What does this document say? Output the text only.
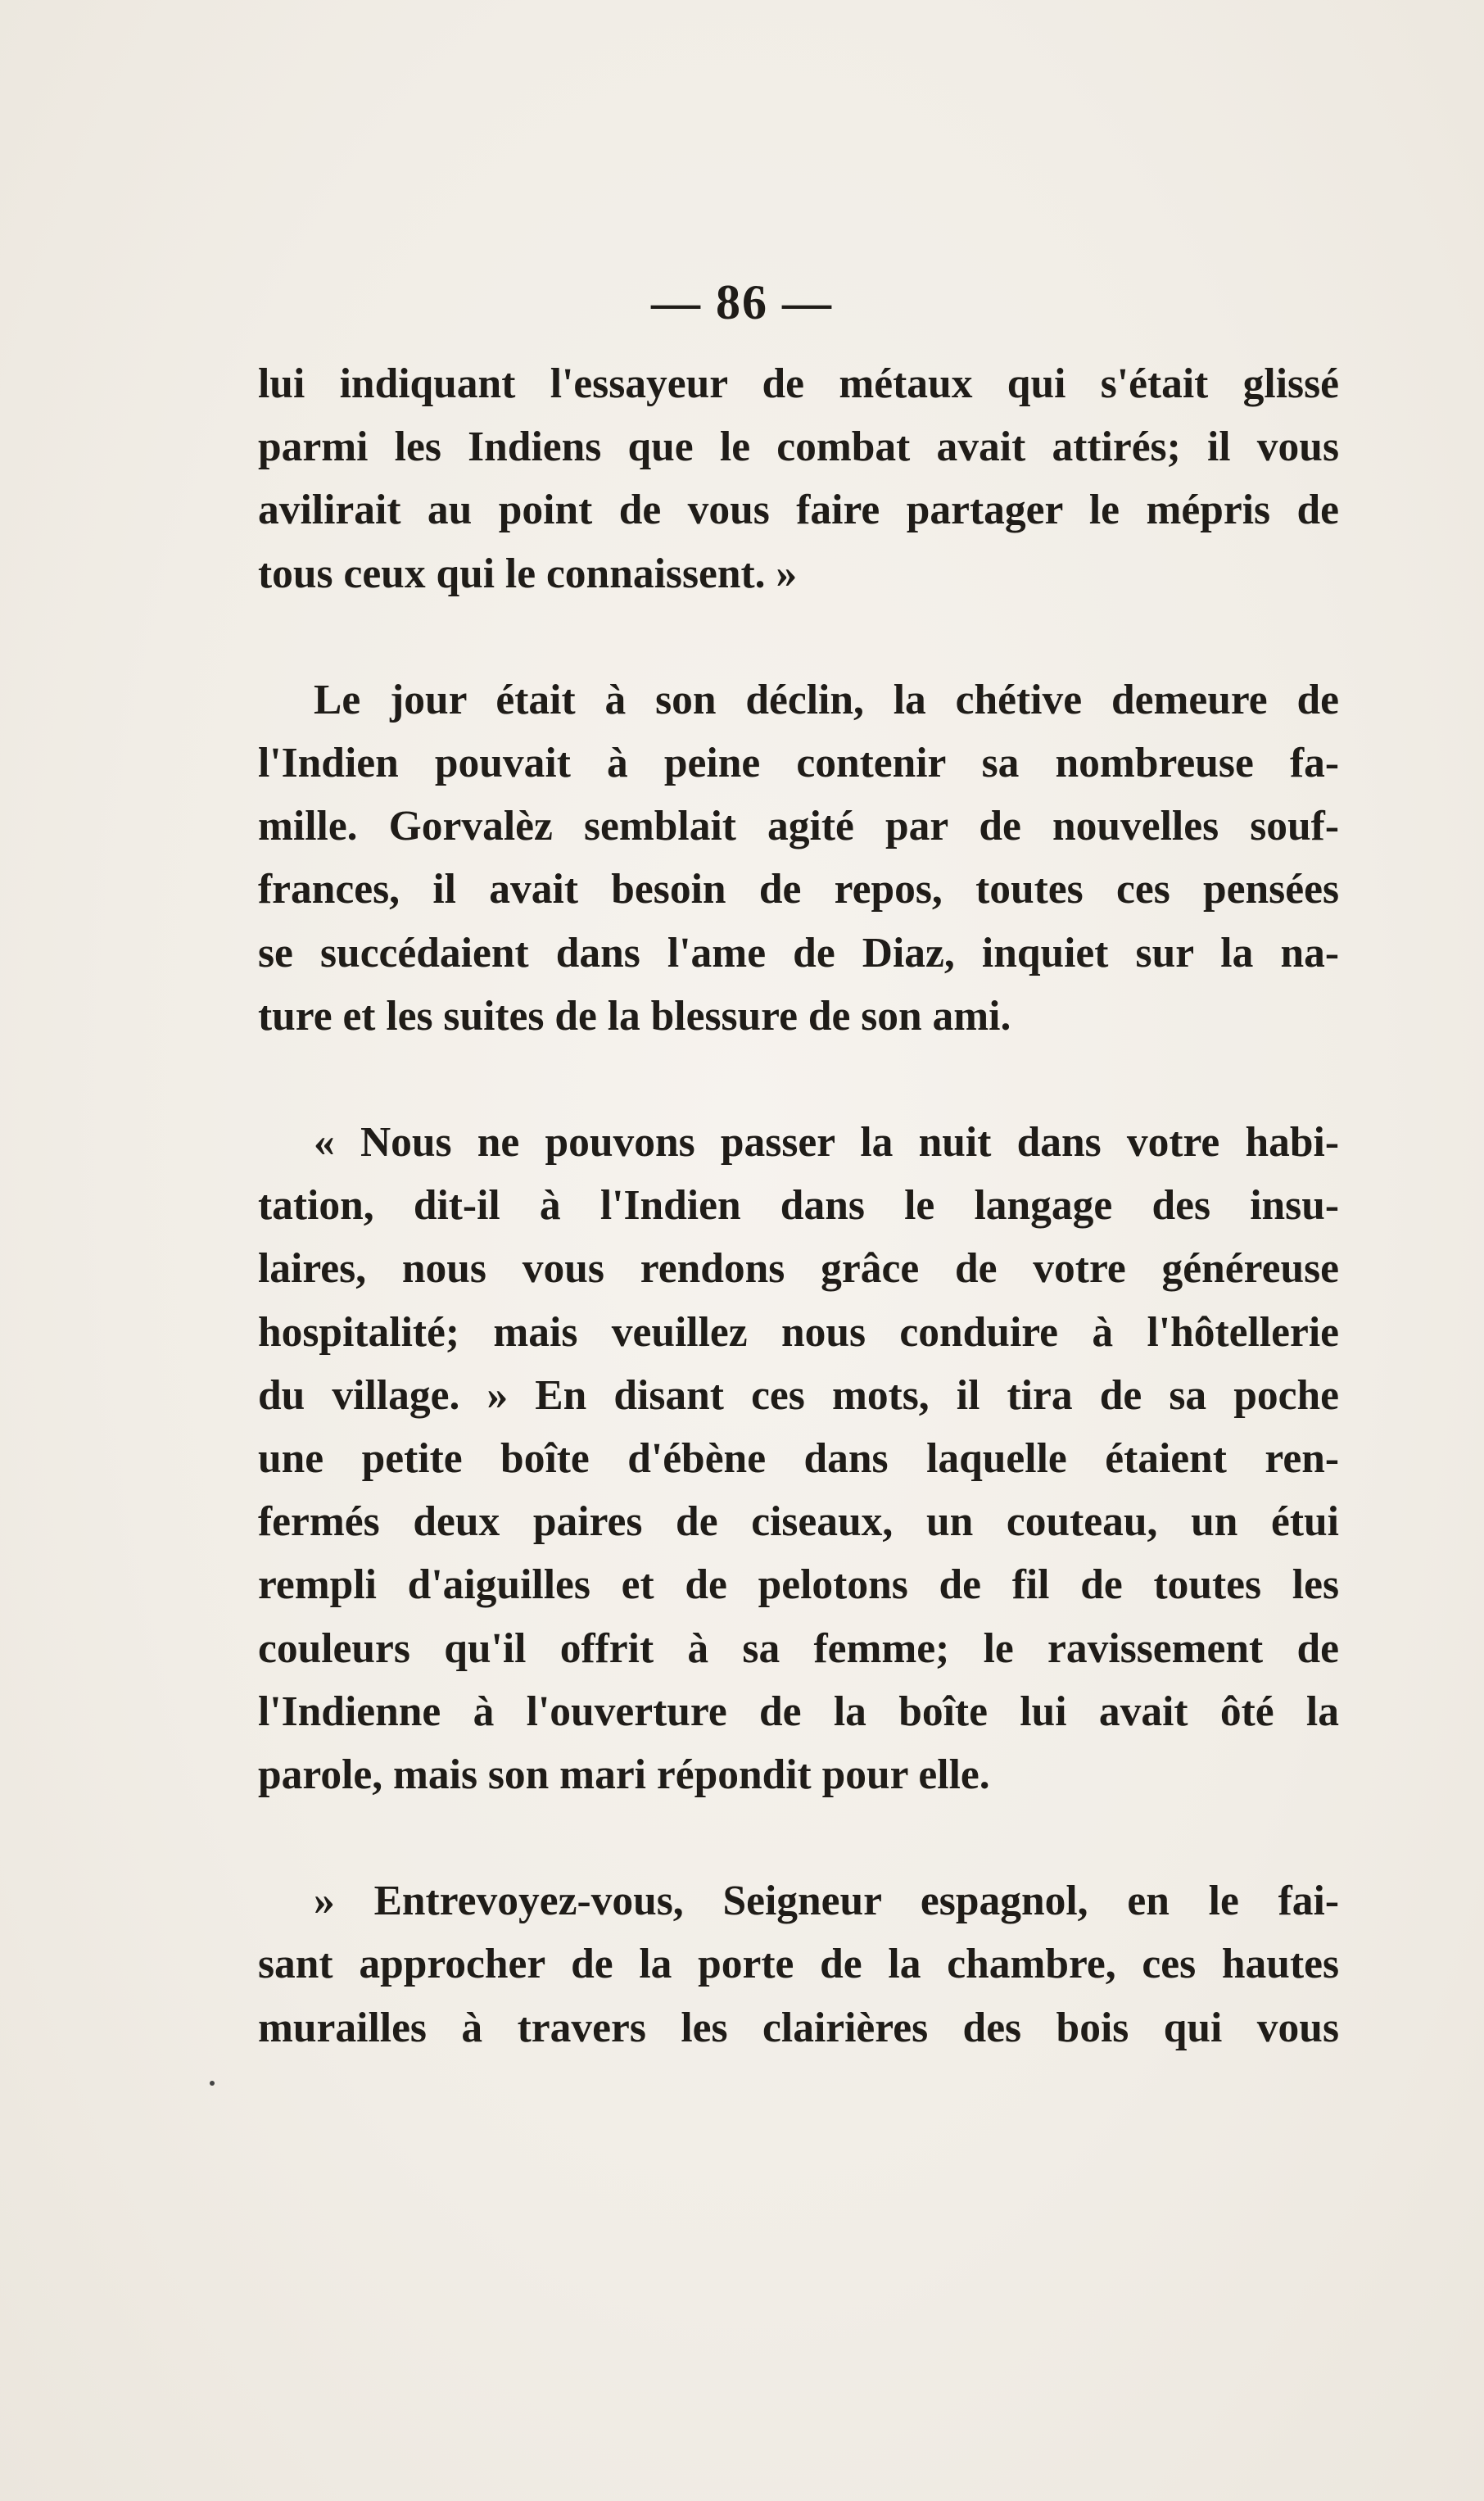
— 86 —

lui indiquant l'essayeur de métaux qui s'était glissé
parmi les Indiens que le combat avait attirés; il vous
avilirait au point de vous faire partager le mépris de
tous ceux qui le connaissent. »

Le jour était à son déclin, la chétive demeure de
l'Indien pouvait à peine contenir sa nombreuse fa-
mille. Gorvalèz semblait agité par de nouvelles souf-
frances, il avait besoin de repos, toutes ces pensées
se succédaient dans l'ame de Diaz, inquiet sur la na-
ture et les suites de la blessure de son ami.

« Nous ne pouvons passer la nuit dans votre habi-
tation, dit-il à l'Indien dans le langage des insu-
laires, nous vous rendons grâce de votre généreuse
hospitalité; mais veuillez nous conduire à l'hôtellerie
du village. » En disant ces mots, il tira de sa poche
une petite boîte d'ébène dans laquelle étaient ren-
fermés deux paires de ciseaux, un couteau, un étui
rempli d'aiguilles et de pelotons de fil de toutes les
couleurs qu'il offrit à sa femme; le ravissement de
l'Indienne à l'ouverture de la boîte lui avait ôté la
parole, mais son mari répondit pour elle.

» Entrevoyez-vous, Seigneur espagnol, en le fai-
sant approcher de la porte de la chambre, ces hautes
murailles à travers les clairières des bois qui vous
